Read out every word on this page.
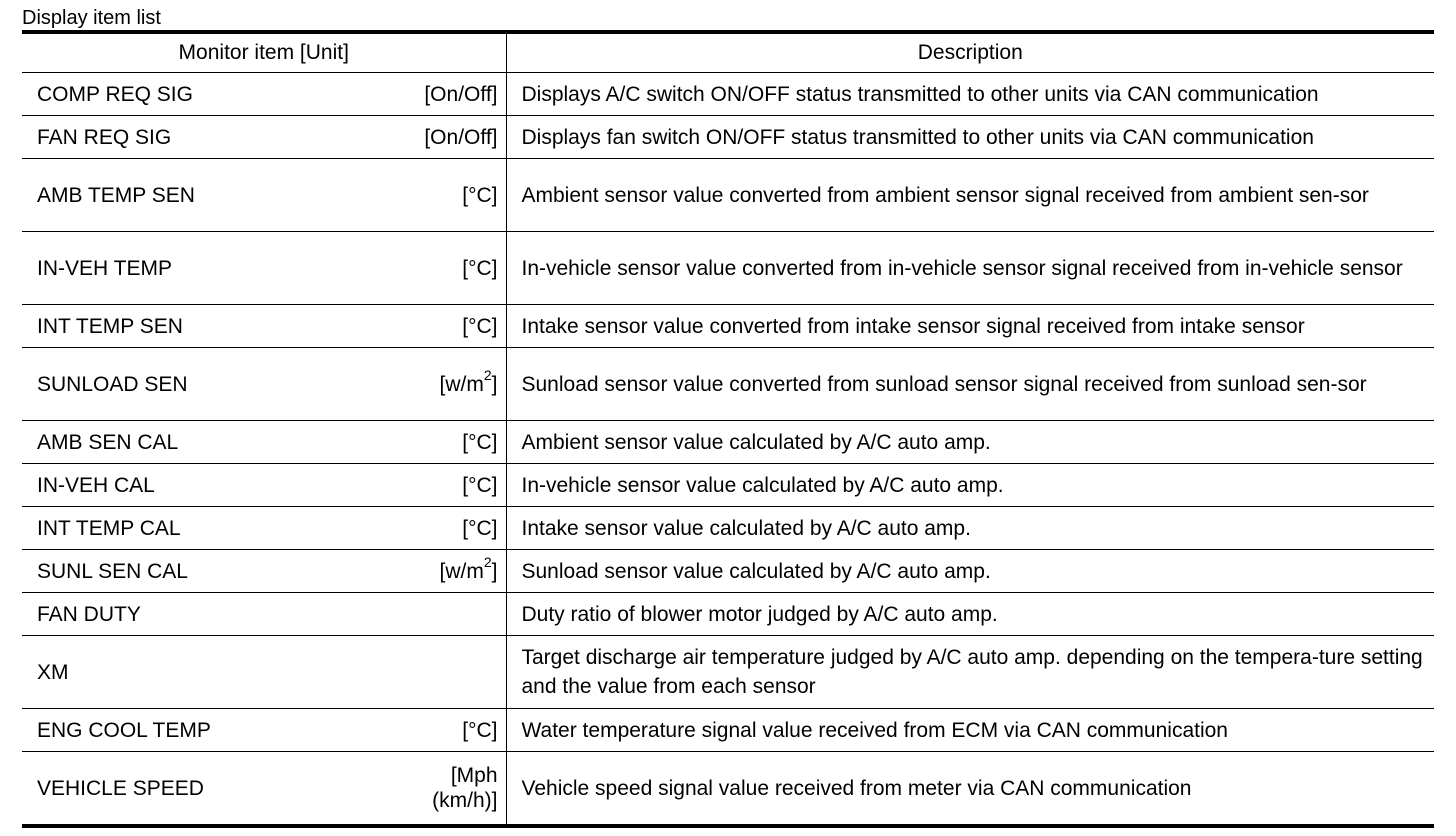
Display item list
Monitor item [Unit]	Description

COMP REQ SIG [On/Off]	Displays A/C switch ON/OFF status transmitted to other units via CAN communication

FAN REQ SIG [On/Off]	Displays fan switch ON/OFF status transmitted to other units via CAN communication

AMB TEMP SEN [°C]	Ambient sensor value converted from ambient sensor signal received from ambient sen-sor

IN-VEH TEMP [°C]	In-vehicle sensor value converted from in-vehicle sensor signal received from in-vehicle sensor

INT TEMP SEN [°C]	Intake sensor value converted from intake sensor signal received from intake sensor

SUNLOAD SEN $[w/m^2]$	Sunload sensor value converted from sunload sensor signal received from sunload sen-sor

AMB SEN CAL [°C]	Ambient sensor value calculated by A/C auto amp.

IN-VEH CAL [°C]	In-vehicle sensor value calculated by A/C auto amp.

INT TEMP CAL [°C]	Intake sensor value calculated by A/C auto amp.

SUNL SEN CAL $[w/m^2]$	Sunload sensor value calculated by A/C auto amp.

FAN DUTY	Duty ratio of blower motor judged by A/C auto amp.

XM	Target discharge air temperature judged by A/C auto amp. depending on the tempera-ture setting and the value from each sensor

ENG COOL TEMP [°C]	Water temperature signal value received from ECM via CAN communication

VEHICLE SPEED
[Mph
(km/h)]	Vehicle speed signal value received from meter via CAN communication
